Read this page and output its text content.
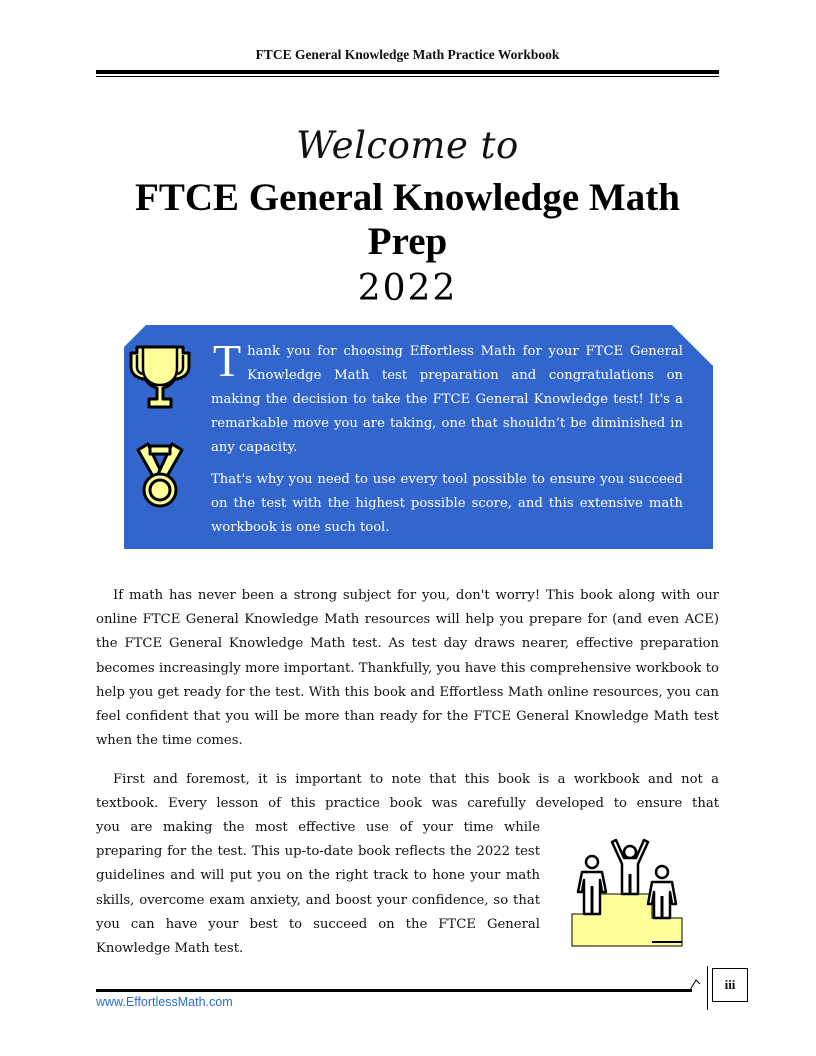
FTCE General Knowledge Math Practice Workbook
Welcome to
FTCE General Knowledge Math Prep
2022

Thank you for choosing Effortless Math for your FTCE General Knowledge Math test preparation and congratulations on making the decision to take the FTCE General Knowledge test! It's a remarkable move you are taking, one that shouldn’t be diminished in any capacity.

That's why you need to use every tool possible to ensure you succeed on the test with the highest possible score, and this extensive math workbook is one such tool.

If math has never been a strong subject for you, don't worry! This book along with our online FTCE General Knowledge Math resources will help you prepare for (and even ACE) the FTCE General Knowledge Math test. As test day draws nearer, effective preparation becomes increasingly more important. Thankfully, you have this comprehensive workbook to help you get ready for the test. With this book and Effortless Math online resources, you can feel confident that you will be more than ready for the FTCE General Knowledge Math test when the time comes.

First and foremost, it is important to note that this book is a workbook and not a textbook. Every lesson of this practice book was carefully developed to ensure that

you are making the most effective use of your time while preparing for the test. This up-to-date book reflects the 2022 test guidelines and will put you on the right track to hone your math skills, overcome exam anxiety, and boost your confidence, so that you can have your best to succeed on the FTCE General Knowledge Math test.
iii
www.EffortlessMath.com
